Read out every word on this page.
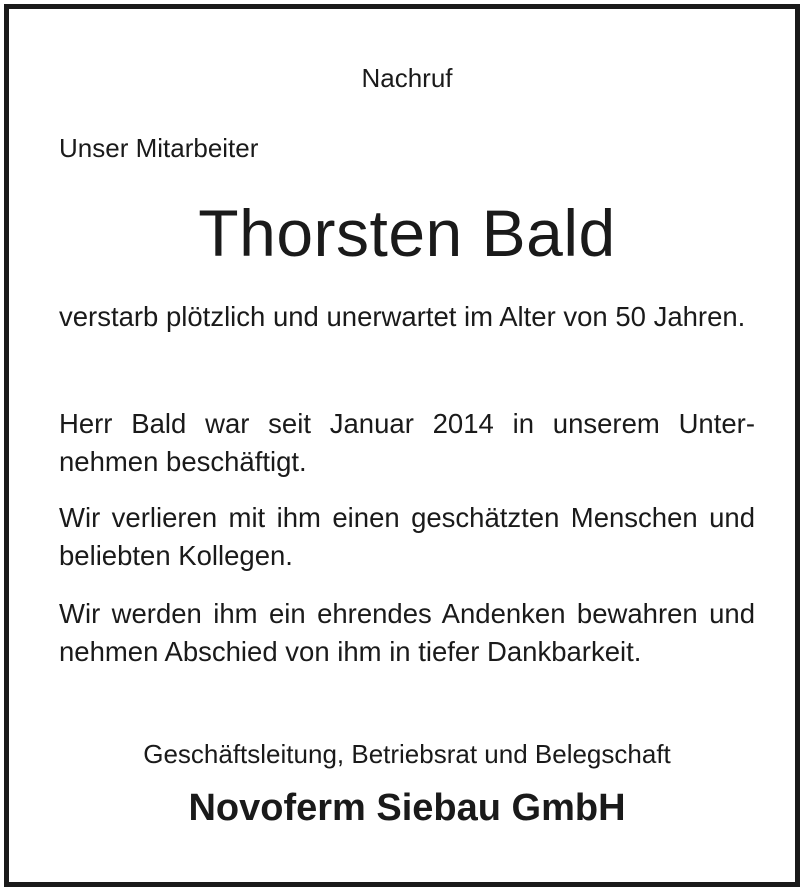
Nachruf
Unser Mitarbeiter
Thorsten Bald
verstarb plötzlich und unerwartet im Alter von 50 Jahren.
Herr Bald war seit Januar 2014 in unserem Unternehmen beschäftigt.
Wir verlieren mit ihm einen geschätzten Menschen und beliebten Kollegen.
Wir werden ihm ein ehrendes Andenken bewahren und nehmen Abschied von ihm in tiefer Dankbarkeit.
Geschäftsleitung, Betriebsrat und Belegschaft
Novoferm Siebau GmbH
